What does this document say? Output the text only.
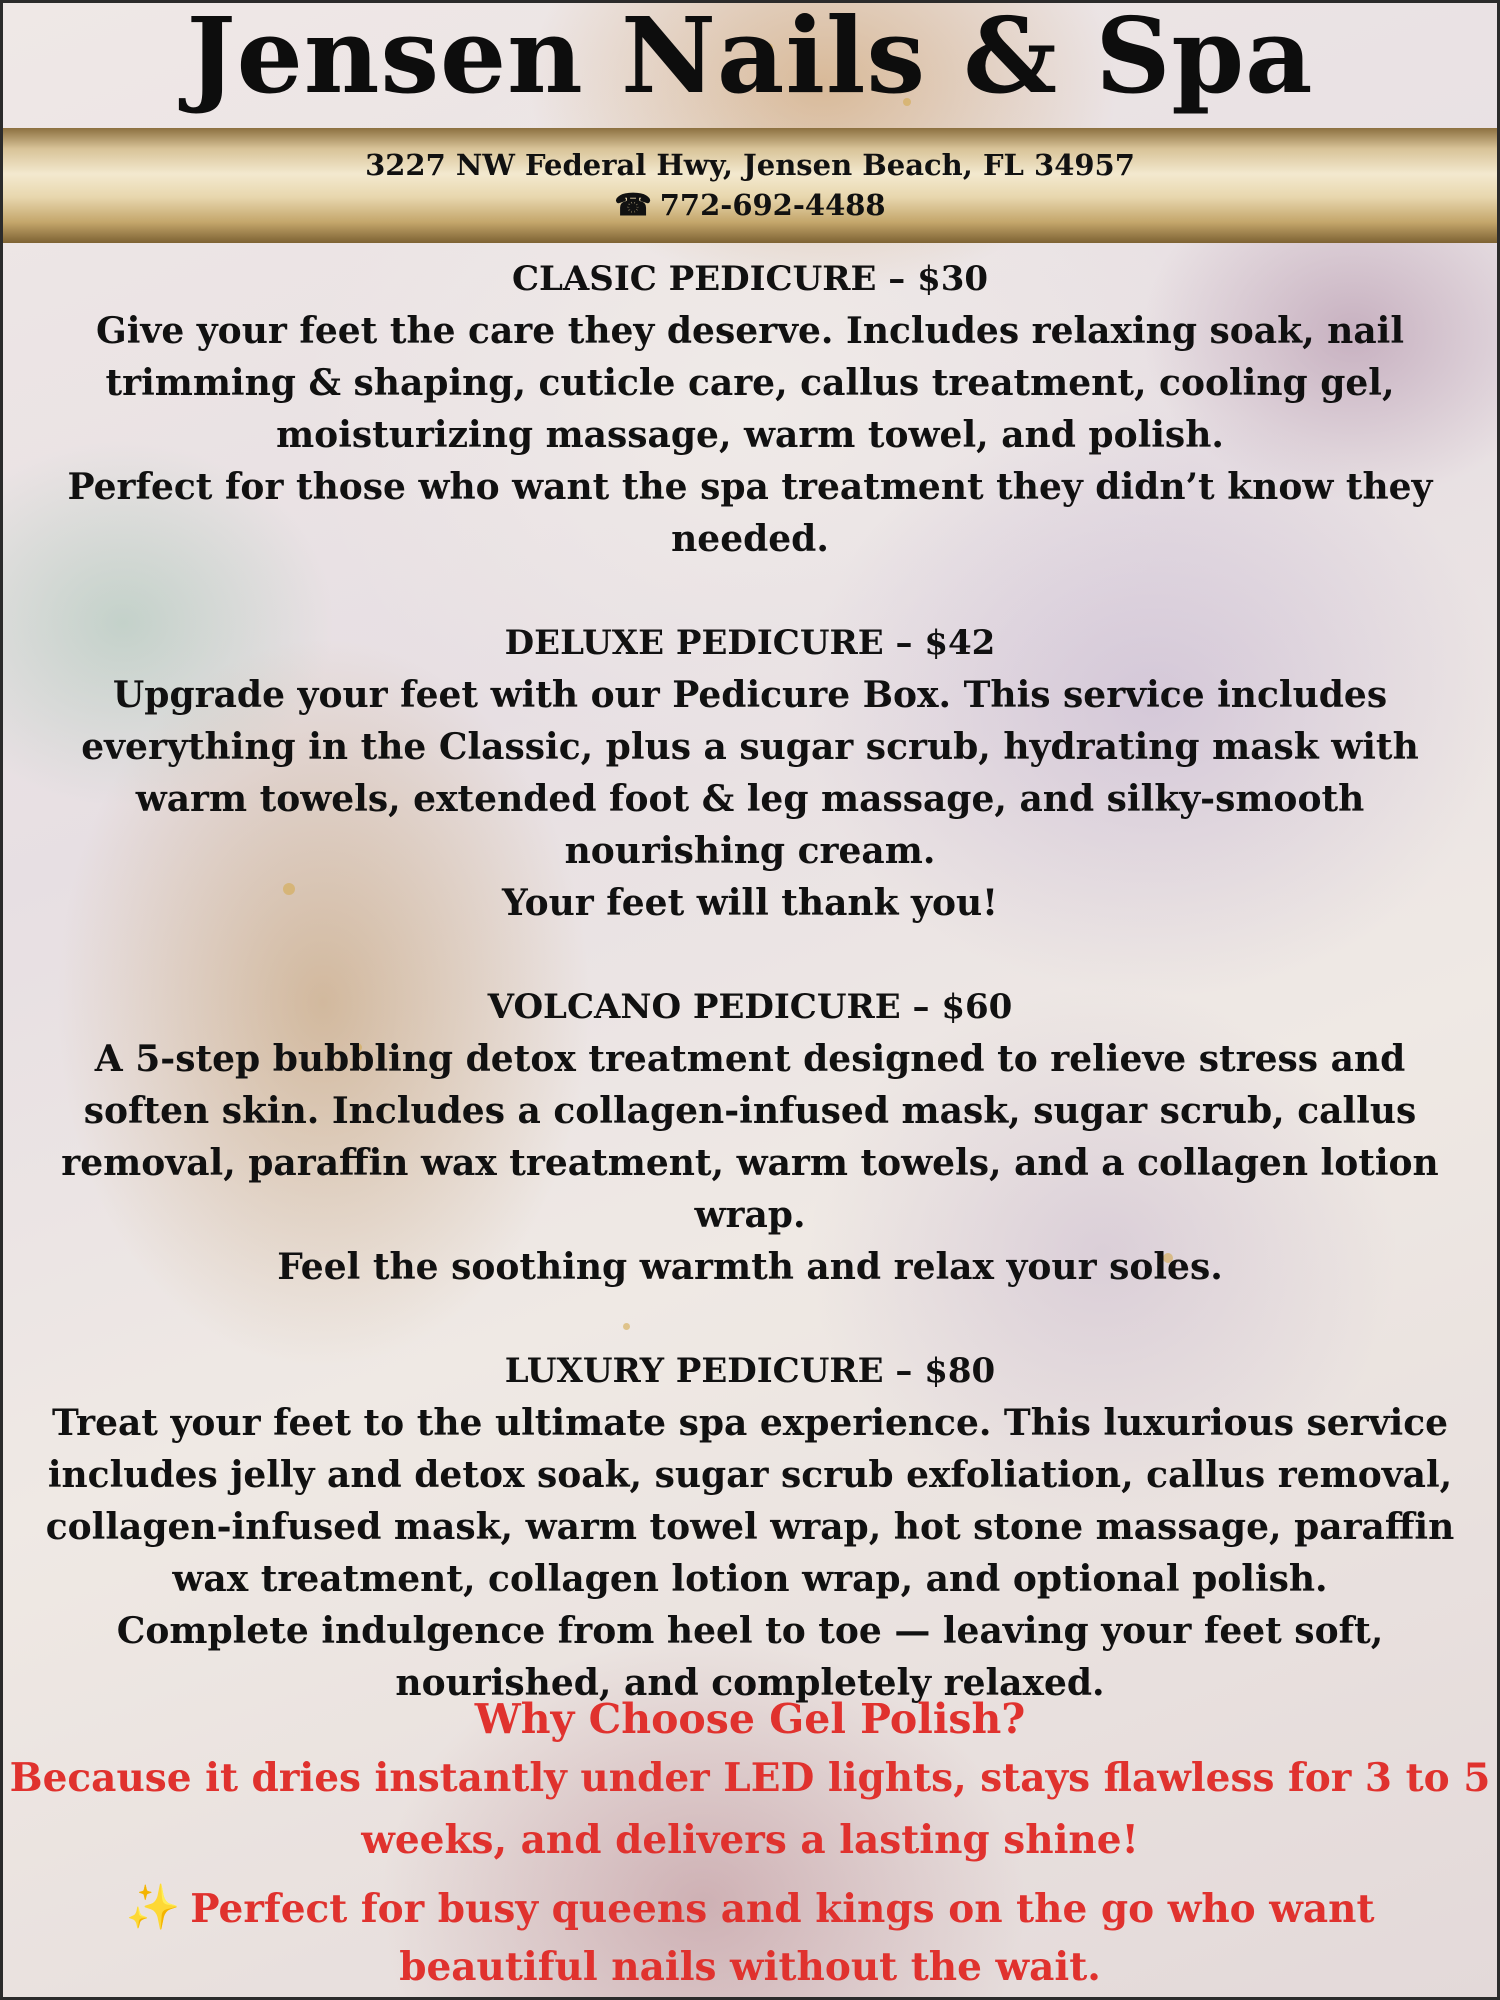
Jensen Nails & Spa
3227 NW Federal Hwy, Jensen Beach, FL 34957
☎ 772-692-4488
CLASIC PEDICURE – $30
Give your feet the care they deserve. Includes relaxing soak, nail trimming & shaping, cuticle care, callus treatment, cooling gel, moisturizing massage, warm towel, and polish.
Perfect for those who want the spa treatment they didn’t know they needed.
DELUXE PEDICURE – $42
Upgrade your feet with our Pedicure Box. This service includes everything in the Classic, plus a sugar scrub, hydrating mask with warm towels, extended foot & leg massage, and silky-smooth nourishing cream.
Your feet will thank you!
VOLCANO PEDICURE – $60
A 5-step bubbling detox treatment designed to relieve stress and soften skin. Includes a collagen-infused mask, sugar scrub, callus removal, paraffin wax treatment, warm towels, and a collagen lotion wrap.
Feel the soothing warmth and relax your soles.
LUXURY PEDICURE – $80
Treat your feet to the ultimate spa experience. This luxurious service includes jelly and detox soak, sugar scrub exfoliation, callus removal, collagen-infused mask, warm towel wrap, hot stone massage, paraffin wax treatment, collagen lotion wrap, and optional polish.
Complete indulgence from heel to toe — leaving your feet soft, nourished, and completely relaxed.
Why Choose Gel Polish?
Because it dries instantly under LED lights, stays flawless for 3 to 5 weeks, and delivers a lasting shine!
✨ Perfect for busy queens and kings on the go who want beautiful nails without the wait.
